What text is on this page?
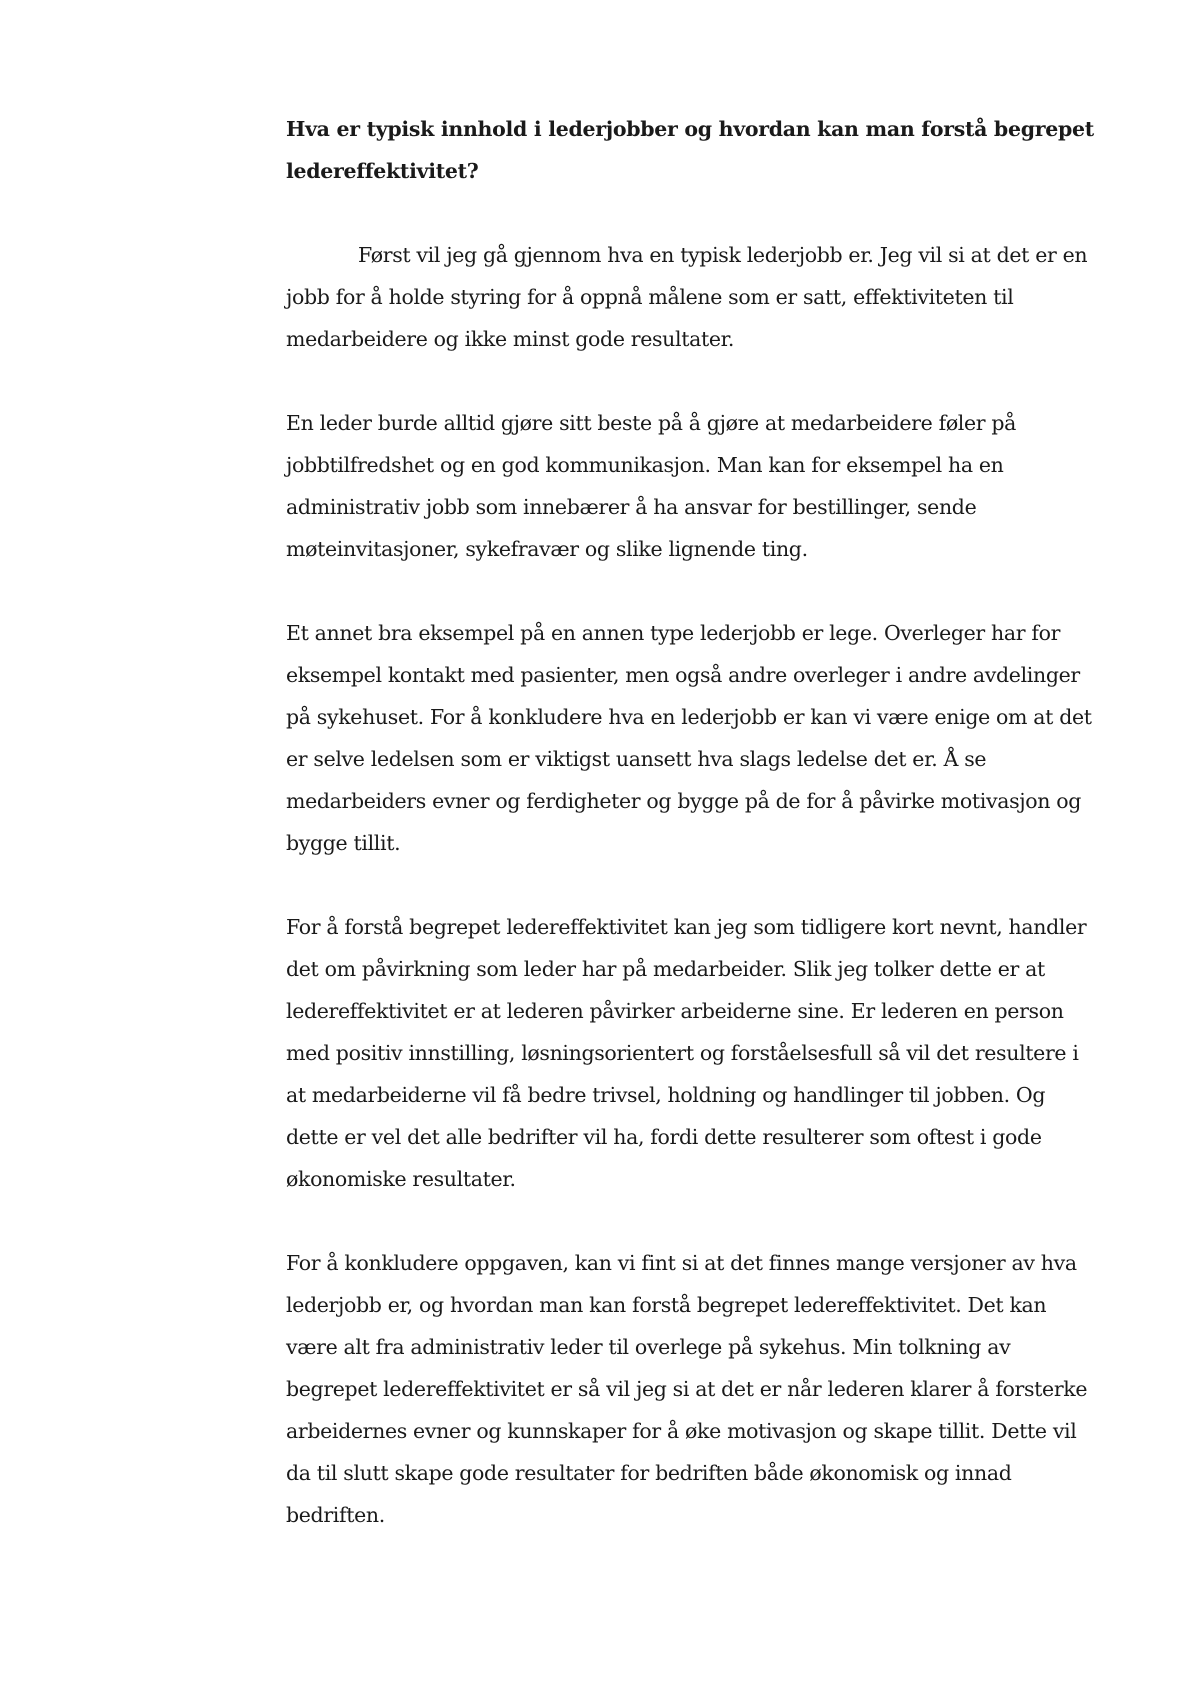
Hva er typisk innhold i lederjobber og hvordan kan man forstå begrepet ledereffektivitet?

Først vil jeg gå gjennom hva en typisk lederjobb er. Jeg vil si at det er en jobb for å holde styring for å oppnå målene som er satt, effektiviteten til medarbeidere og ikke minst gode resultater.

En leder burde alltid gjøre sitt beste på å gjøre at medarbeidere føler på jobbtilfredshet og en god kommunikasjon. Man kan for eksempel ha en administrativ jobb som innebærer å ha ansvar for bestillinger, sende møteinvitasjoner, sykefravær og slike lignende ting.

Et annet bra eksempel på en annen type lederjobb er lege. Overleger har for eksempel kontakt med pasienter, men også andre overleger i andre avdelinger på sykehuset. For å konkludere hva en lederjobb er kan vi være enige om at det er selve ledelsen som er viktigst uansett hva slags ledelse det er. Å se medarbeiders evner og ferdigheter og bygge på de for å påvirke motivasjon og bygge tillit.

For å forstå begrepet ledereffektivitet kan jeg som tidligere kort nevnt, handler det om påvirkning som leder har på medarbeider. Slik jeg tolker dette er at ledereffektivitet er at lederen påvirker arbeiderne sine. Er lederen en person med positiv innstilling, løsningsorientert og forståelsesfull så vil det resultere i at medarbeiderne vil få bedre trivsel, holdning og handlinger til jobben. Og dette er vel det alle bedrifter vil ha, fordi dette resulterer som oftest i gode økonomiske resultater.

For å konkludere oppgaven, kan vi fint si at det finnes mange versjoner av hva lederjobb er, og hvordan man kan forstå begrepet ledereffektivitet. Det kan være alt fra administrativ leder til overlege på sykehus. Min tolkning av begrepet ledereffektivitet er så vil jeg si at det er når lederen klarer å forsterke arbeidernes evner og kunnskaper for å øke motivasjon og skape tillit. Dette vil da til slutt skape gode resultater for bedriften både økonomisk og innad bedriften.
